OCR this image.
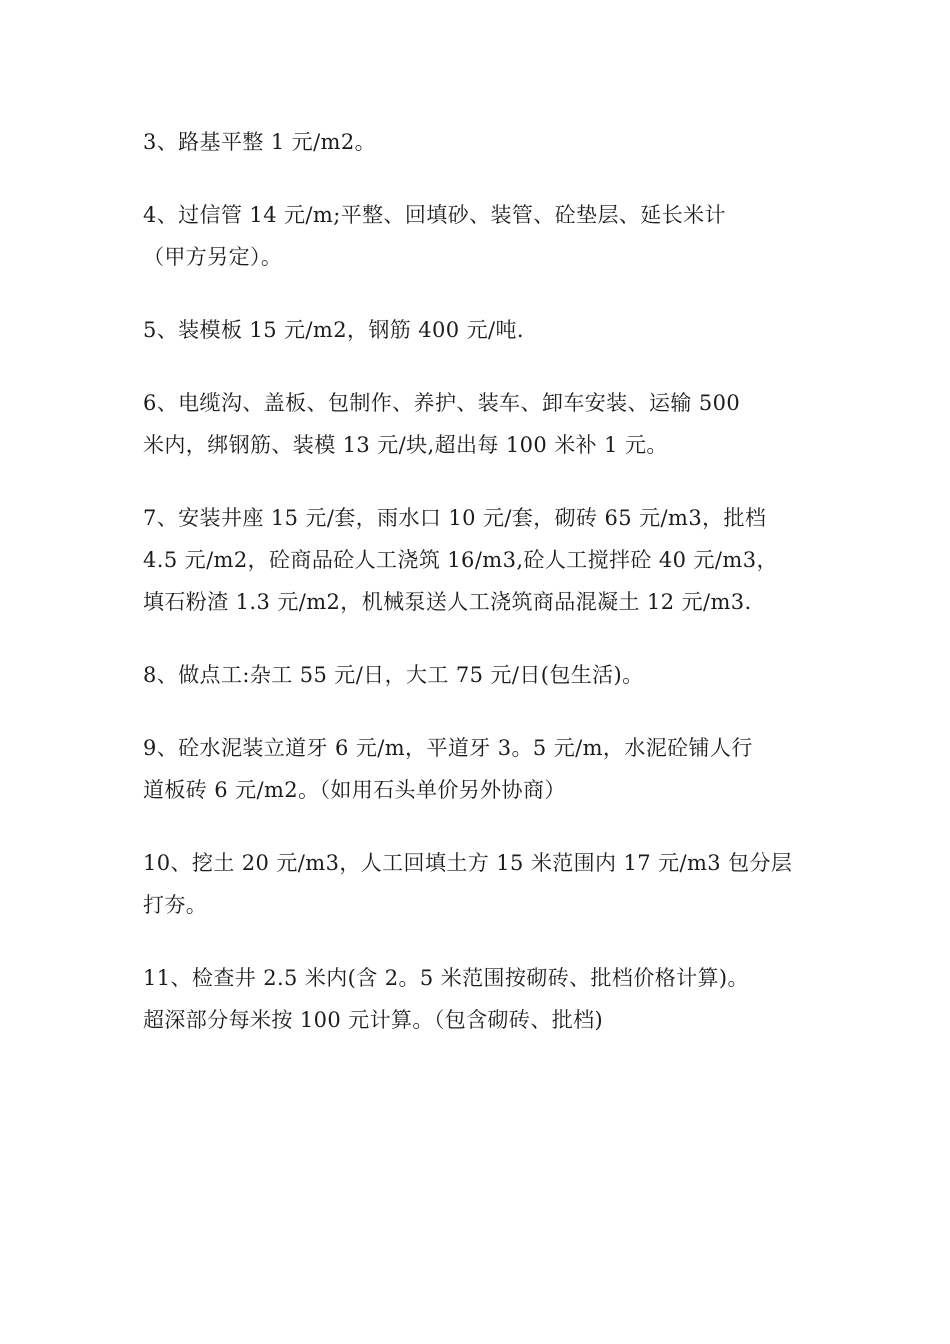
3、路基平整 1 元/m2。

4、过信管 14 元/m;平整、回填砂、装管、砼垫层、延长米计
（甲方另定）。

5、装模板 15 元/m2，钢筋 400 元/吨.

6、电缆沟、盖板、包制作、养护、装车、卸车安装、运输 500
米内，绑钢筋、装模 13 元/块,超出每 100 米补 1 元。

7、安装井座 15 元/套，雨水口 10 元/套，砌砖 65 元/m3，批档
4.5 元/m2，砼商品砼人工浇筑 16/m3,砼人工搅拌砼 40 元/m3，
填石粉渣 1.3 元/m2，机械泵送人工浇筑商品混凝土 12 元/m3.

8、做点工:杂工 55 元/日，大工 75 元/日(包生活)。

9、砼水泥装立道牙 6 元/m，平道牙 3。5 元/m，水泥砼铺人行
道板砖 6 元/m2。（如用石头单价另外协商）

10、挖土 20 元/m3，人工回填土方 15 米范围内 17 元/m3 包分层
打夯。

11、检查井 2.5 米内(含 2。5 米范围按砌砖、批档价格计算)。
超深部分每米按 100 元计算。（包含砌砖、批档)
